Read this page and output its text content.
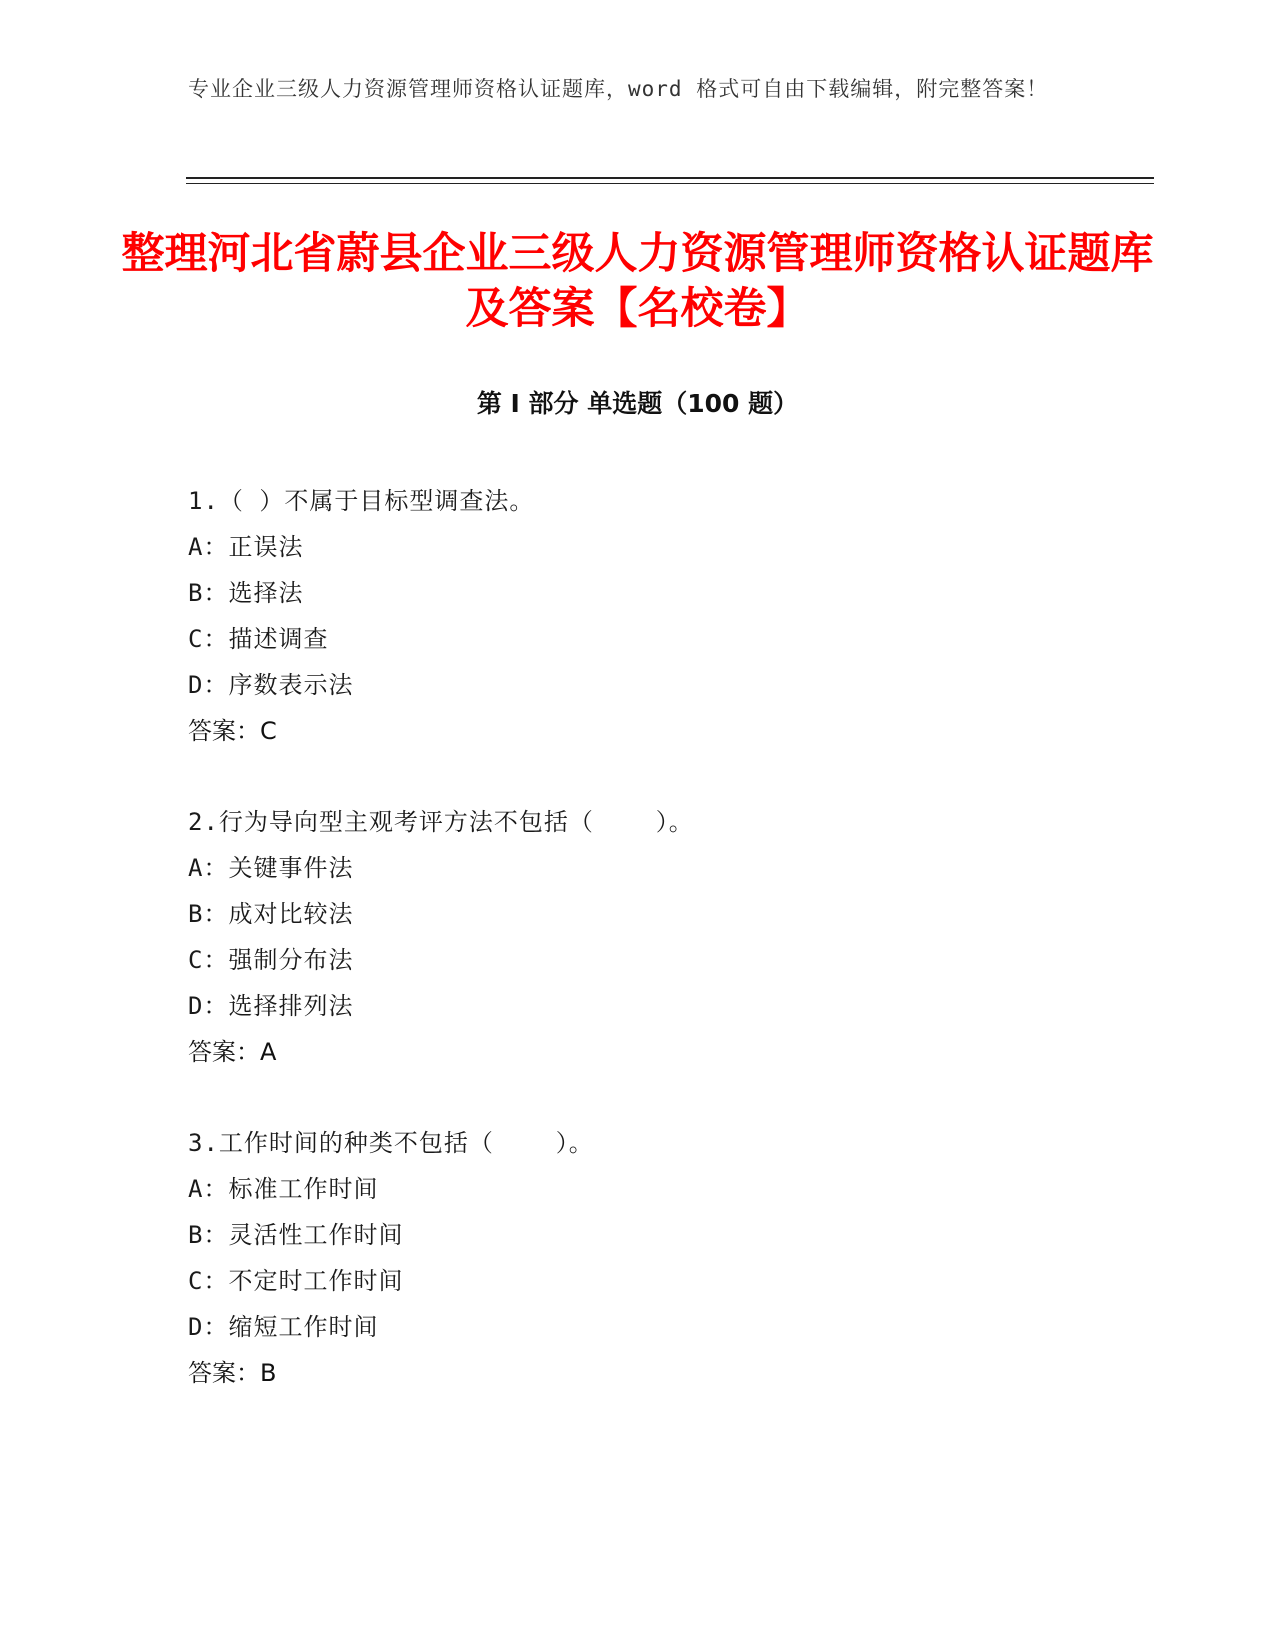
专业企业三级人力资源管理师资格认证题库，word 格式可自由下载编辑，附完整答案！

整理河北省蔚县企业三级人力资源管理师资格认证题库及答案【名校卷】
第 I 部分 单选题（100 题）
1.（ ）不属于目标型调查法。
A：正误法
B：选择法
C：描述调查
D：序数表示法
答案：C
2.行为导向型主观考评方法不包括（    ）。
A：关键事件法
B：成对比较法
C：强制分布法
D：选择排列法
答案：A
3.工作时间的种类不包括（    ）。
A：标准工作时间
B：灵活性工作时间
C：不定时工作时间
D：缩短工作时间
答案：B
